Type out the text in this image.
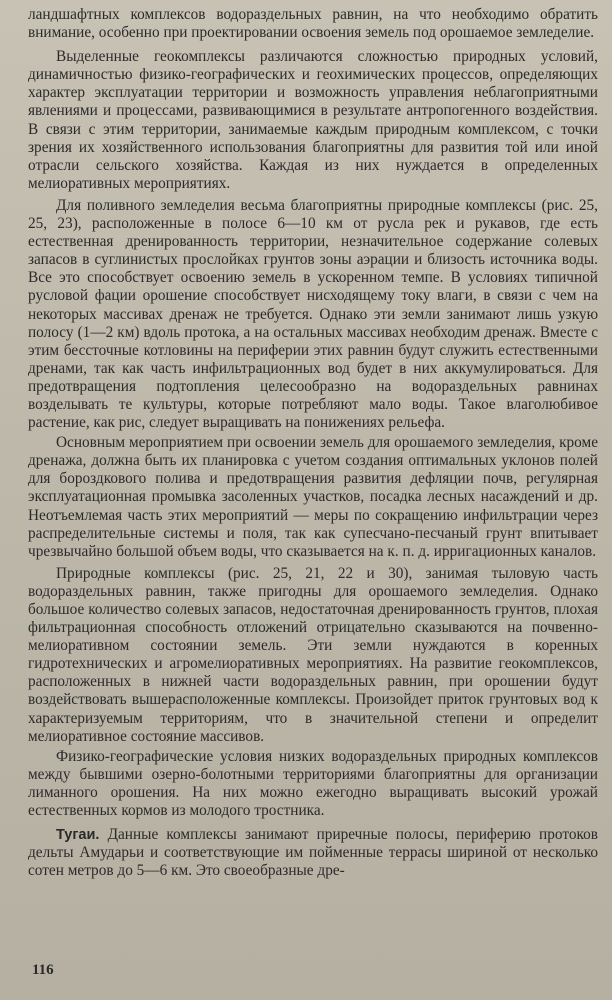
ландшафтных комплексов водораздельных равнин, на что необходимо обратить внимание, особенно при проектировании освоения земель под орошаемое земледелие.

Выделенные геокомплексы различаются сложностью природных условий, динамичностью физико-географических и геохимических процессов, определяющих характер эксплуатации территории и возможность управления неблагоприятными явлениями и процессами, развивающимися в результате антропогенного воздействия. В связи с этим территории, занимаемые каждым природным комплексом, с точки зрения их хозяйственного использования благоприятны для развития той или иной отрасли сельского хозяйства. Каждая из них нуждается в определенных мелиоративных мероприятиях.

Для поливного земледелия весьма благоприятны природные комплексы (рис. 25, 25, 23), расположенные в полосе 6—10 км от русла рек и рукавов, где есть естественная дренированность территории, незначительное содержание солевых запасов в суглинистых прослойках грунтов зоны аэрации и близость источника воды. Все это способствует освоению земель в ускоренном темпе. В условиях типичной русловой фации орошение способствует нисходящему току влаги, в связи с чем на некоторых массивах дренаж не требуется. Однако эти земли занимают лишь узкую полосу (1—2 км) вдоль протока, а на остальных массивах необходим дренаж. Вместе с этим бессточные котловины на периферии этих равнин будут служить естественными дренами, так как часть инфильтрационных вод будет в них аккумулироваться. Для предотвращения подтопления целесообразно на водораздельных равнинах возделывать те культуры, которые потребляют мало воды. Такое влаголюбивое растение, как рис, следует выращивать на понижениях рельефа.

Основным мероприятием при освоении земель для орошаемого земледелия, кроме дренажа, должна быть их планировка с учетом создания оптимальных уклонов полей для бороздкового полива и предотвращения развития дефляции почв, регулярная эксплуатационная промывка засоленных участков, посадка лесных насаждений и др. Неотъемлемая часть этих мероприятий — меры по сокращению инфильтрации через распределительные системы и поля, так как супесчано-песчаный грунт впитывает чрезвычайно большой объем воды, что сказывается на к. п. д. ирригационных каналов.

Природные комплексы (рис. 25, 21, 22 и 30), занимая тыловую часть водораздельных равнин, также пригодны для орошаемого земледелия. Однако большое количество солевых запасов, недостаточная дренированность грунтов, плохая фильтрационная способность отложений отрицательно сказываются на почвенно-мелиоративном состоянии земель. Эти земли нуждаются в коренных гидротехнических и агромелиоративных мероприятиях. На развитие геокомплексов, расположенных в нижней части водораздельных равнин, при орошении будут воздействовать вышерасположенные комплексы. Произойдет приток грунтовых вод к характеризуемым территориям, что в значительной степени и определит мелиоративное состояние массивов.

Физико-географические условия низких водораздельных природных комплексов между бывшими озерно-болотными территориями благоприятны для организации лиманного орошения. На них можно ежегодно выращивать высокий урожай естественных кормов из молодого тростника.

Тугаи. Данные комплексы занимают приречные полосы, периферию протоков дельты Амударьи и соответствующие им пойменные террасы шириной от несколько сотен метров до 5—6 км. Это своеобразные дре-

116
